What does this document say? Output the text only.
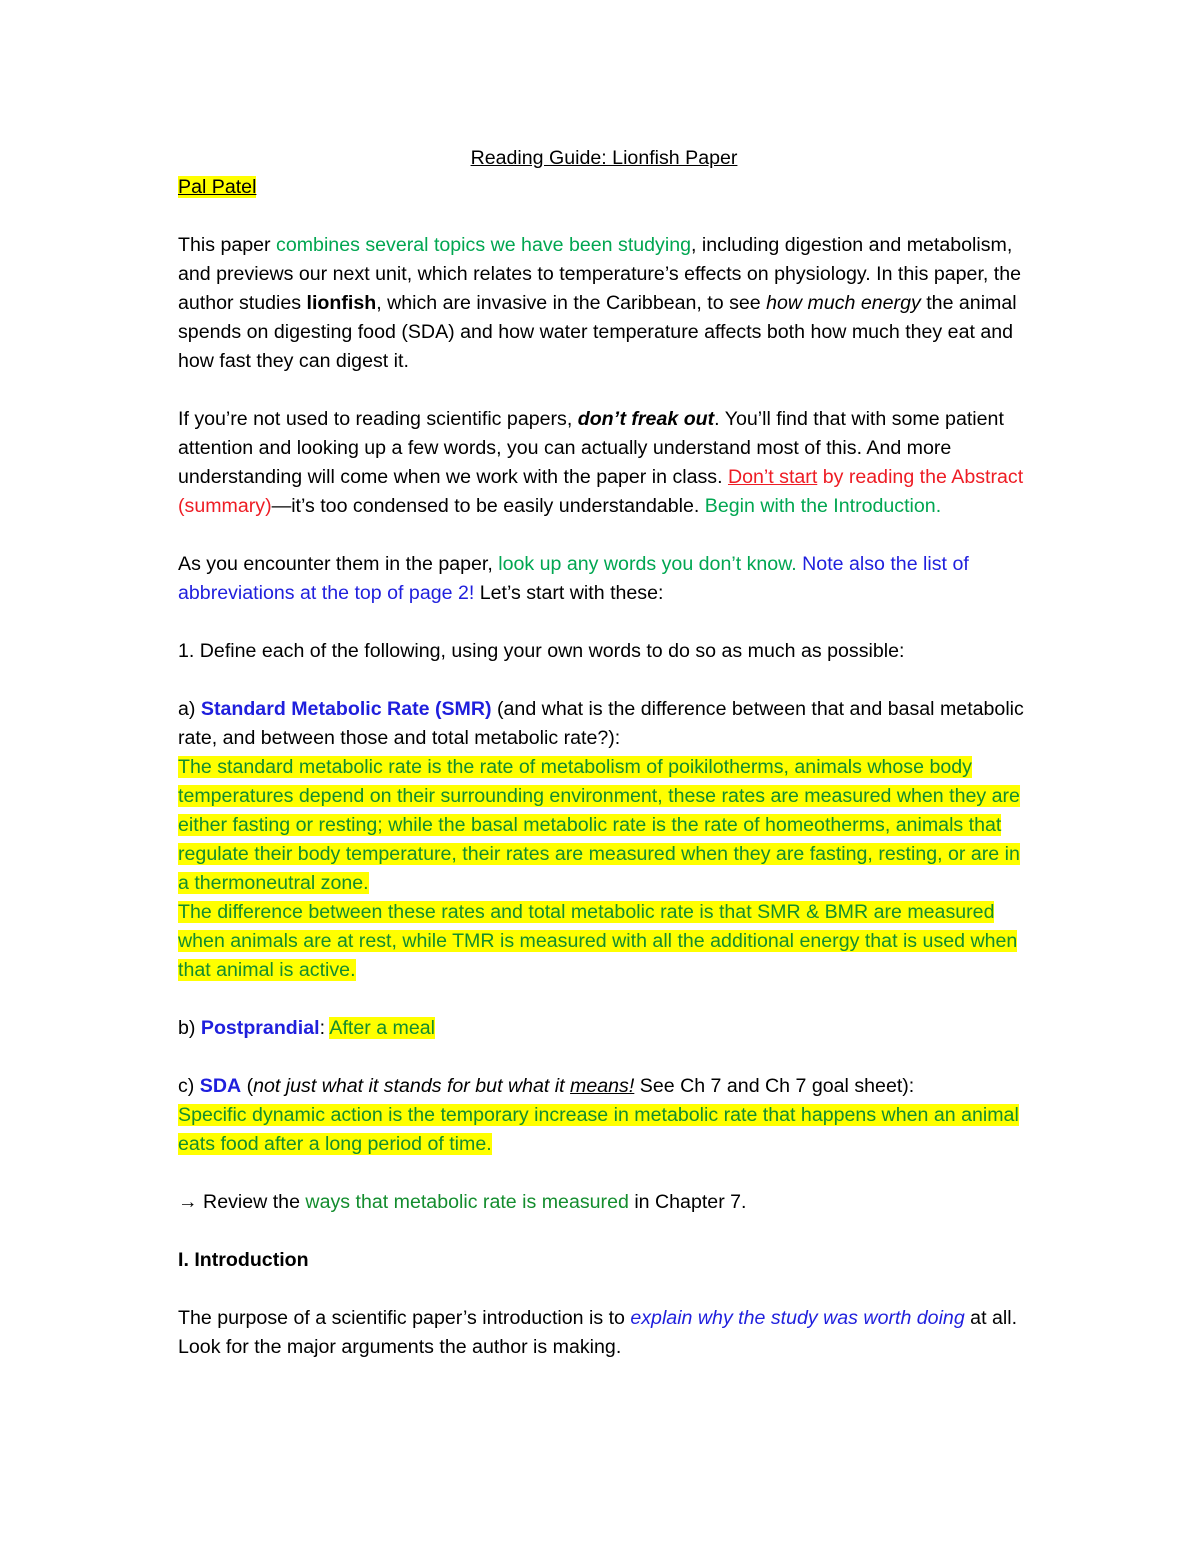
Reading Guide: Lionfish Paper

Pal Patel

This paper combines several topics we have been studying, including digestion and metabolism, and previews our next unit, which relates to temperature’s effects on physiology. In this paper, the author studies lionfish, which are invasive in the Caribbean, to see how much energy the animal spends on digesting food (SDA) and how water temperature affects both how much they eat and how fast they can digest it.

If you’re not used to reading scientific papers, don’t freak out. You’ll find that with some patient attention and looking up a few words, you can actually understand most of this. And more understanding will come when we work with the paper in class. Don’t start by reading the Abstract (summary)—it’s too condensed to be easily understandable. Begin with the Introduction.

As you encounter them in the paper, look up any words you don’t know. Note also the list of abbreviations at the top of page 2! Let’s start with these:

1. Define each of the following, using your own words to do so as much as possible:

a) Standard Metabolic Rate (SMR) (and what is the difference between that and basal metabolic rate, and between those and total metabolic rate?):

The standard metabolic rate is the rate of metabolism of poikilotherms, animals whose body temperatures depend on their surrounding environment, these rates are measured when they are either fasting or resting; while the basal metabolic rate is the rate of homeotherms, animals that regulate their body temperature, their rates are measured when they are fasting, resting, or are in a thermoneutral zone.

The difference between these rates and total metabolic rate is that SMR & BMR are measured when animals are at rest, while TMR is measured with all the additional energy that is used when that animal is active.

b) Postprandial: After a meal

c) SDA (not just what it stands for but what it means! See Ch 7 and Ch 7 goal sheet):

Specific dynamic action is the temporary increase in metabolic rate that happens when an animal eats food after a long period of time.

→ Review the ways that metabolic rate is measured in Chapter 7.

I. Introduction

The purpose of a scientific paper’s introduction is to explain why the study was worth doing at all. Look for the major arguments the author is making.
